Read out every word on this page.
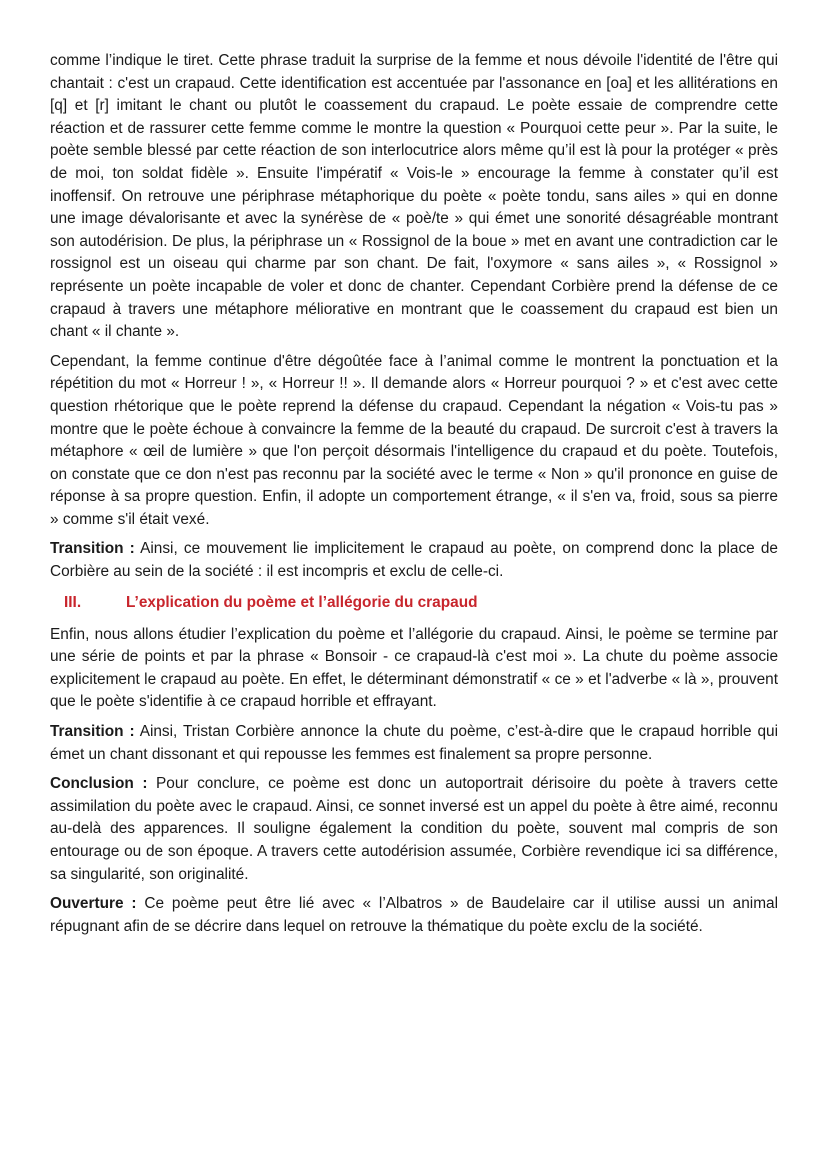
comme l’indique le tiret. Cette phrase traduit la surprise de la femme et nous dévoile l'identité de l'être qui chantait : c'est un crapaud. Cette identification est accentuée par l'assonance en [oa] et les allitérations en [q] et [r] imitant le chant ou plutôt le coassement du crapaud. Le poète essaie de comprendre cette réaction et de rassurer cette femme comme le montre la question « Pourquoi cette peur ». Par la suite, le poète semble blessé par cette réaction de son interlocutrice alors même qu’il est là pour la protéger « près de moi, ton soldat fidèle ». Ensuite l'impératif « Vois-le » encourage la femme à constater qu’il est inoffensif. On retrouve une périphrase métaphorique du poète « poète tondu, sans ailes » qui en donne une image dévalorisante et avec la synérèse de « poè/te » qui émet une sonorité désagréable montrant son autodérision. De plus, la périphrase un « Rossignol de la boue » met en avant une contradiction car le rossignol est un oiseau qui charme par son chant. De fait, l'oxymore « sans ailes », « Rossignol » représente un poète incapable de voler et donc de chanter. Cependant Corbière prend la défense de ce crapaud à travers une métaphore méliorative en montrant que le coassement du crapaud est bien un chant « il chante ».

Cependant, la femme continue d'être dégoûtée face à l’animal comme le montrent la ponctuation et la répétition du mot « Horreur ! », « Horreur !! ». Il demande alors « Horreur pourquoi ? » et c'est avec cette question rhétorique que le poète reprend la défense du crapaud. Cependant la négation « Vois-tu pas » montre que le poète échoue à convaincre la femme de la beauté du crapaud. De surcroit c'est à travers la métaphore « œil de lumière » que l'on perçoit désormais l'intelligence du crapaud et du poète. Toutefois, on constate que ce don n'est pas reconnu par la société avec le terme « Non » qu'il prononce en guise de réponse à sa propre question. Enfin, il adopte un comportement étrange, « il s'en va, froid, sous sa pierre » comme s'il était vexé.

Transition : Ainsi, ce mouvement lie implicitement le crapaud au poète, on comprend donc la place de Corbière au sein de la société : il est incompris et exclu de celle-ci.

III.	L’explication du poème et l’allégorie du crapaud

Enfin, nous allons étudier l’explication du poème et l’allégorie du crapaud. Ainsi, le poème se termine par une série de points et par la phrase « Bonsoir - ce crapaud-là c'est moi ». La chute du poème associe explicitement le crapaud au poète. En effet, le déterminant démonstratif « ce » et l'adverbe « là », prouvent que le poète s'identifie à ce crapaud horrible et effrayant.

Transition : Ainsi, Tristan Corbière annonce la chute du poème, c’est-à-dire que le crapaud horrible qui émet un chant dissonant et qui repousse les femmes est finalement sa propre personne.

Conclusion : Pour conclure, ce poème est donc un autoportrait dérisoire du poète à travers cette assimilation du poète avec le crapaud. Ainsi, ce sonnet inversé est un appel du poète à être aimé, reconnu au-delà des apparences. Il souligne également la condition du poète, souvent mal compris de son entourage ou de son époque. A travers cette autodérision assumée, Corbière revendique ici sa différence, sa singularité, son originalité.

Ouverture : Ce poème peut être lié avec « l’Albatros » de Baudelaire car il utilise aussi un animal répugnant afin de se décrire dans lequel on retrouve la thématique du poète exclu de la société.
